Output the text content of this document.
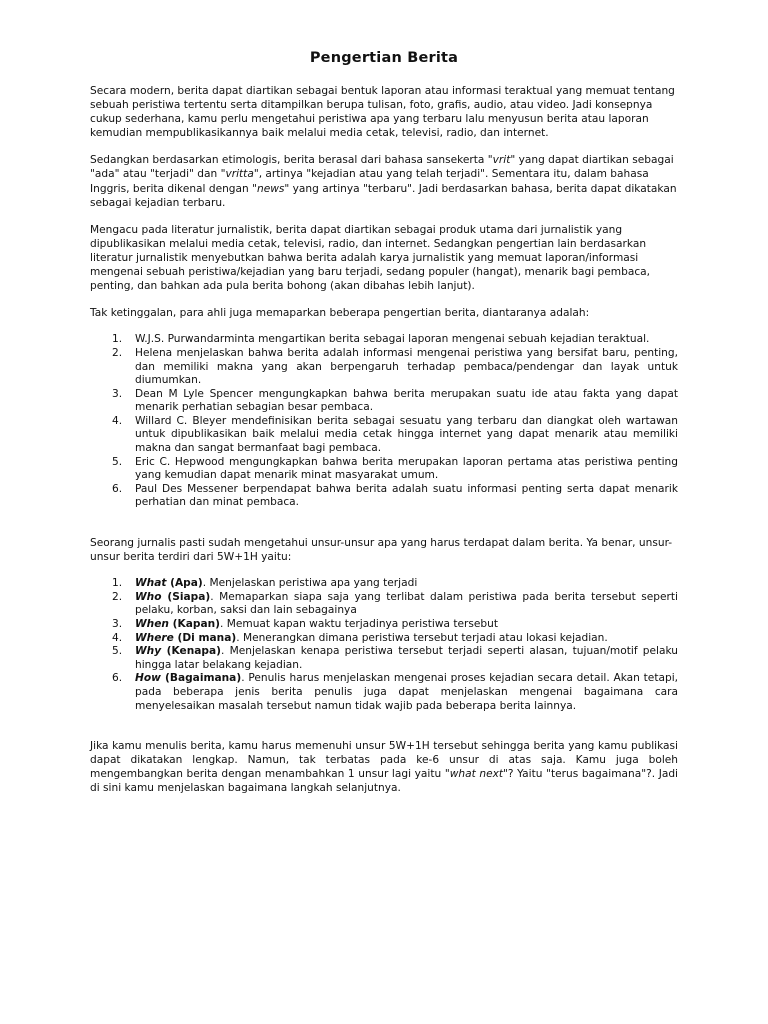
Pengertian Berita

Secara modern, berita dapat diartikan sebagai bentuk laporan atau informasi teraktual yang memuat tentang sebuah peristiwa tertentu serta ditampilkan berupa tulisan, foto, grafis, audio, atau video. Jadi konsepnya cukup sederhana, kamu perlu mengetahui peristiwa apa yang terbaru lalu menyusun berita atau laporan kemudian mempublikasikannya baik melalui media cetak, televisi, radio, dan internet.

Sedangkan berdasarkan etimologis, berita berasal dari bahasa sansekerta "vrit" yang dapat diartikan sebagai "ada" atau "terjadi" dan "vritta", artinya "kejadian atau yang telah terjadi". Sementara itu, dalam bahasa Inggris, berita dikenal dengan "news" yang artinya "terbaru". Jadi berdasarkan bahasa, berita dapat dikatakan sebagai kejadian terbaru.

Mengacu pada literatur jurnalistik, berita dapat diartikan sebagai produk utama dari jurnalistik yang dipublikasikan melalui media cetak, televisi, radio, dan internet. Sedangkan pengertian lain berdasarkan literatur jurnalistik menyebutkan bahwa berita adalah karya jurnalistik yang memuat laporan/informasi mengenai sebuah peristiwa/kejadian yang baru terjadi, sedang populer (hangat), menarik bagi pembaca, penting, dan bahkan ada pula berita bohong (akan dibahas lebih lanjut).

Tak ketinggalan, para ahli juga memaparkan beberapa pengertian berita, diantaranya adalah:

1. W.J.S. Purwandarminta mengartikan berita sebagai laporan mengenai sebuah kejadian teraktual.
2. Helena menjelaskan bahwa berita adalah informasi mengenai peristiwa yang bersifat baru, penting, dan memiliki makna yang akan berpengaruh terhadap pembaca/pendengar dan layak untuk diumumkan.
3. Dean M Lyle Spencer mengungkapkan bahwa berita merupakan suatu ide atau fakta yang dapat menarik perhatian sebagian besar pembaca.
4. Willard C. Bleyer mendefinisikan berita sebagai sesuatu yang terbaru dan diangkat oleh wartawan untuk dipublikasikan baik melalui media cetak hingga internet yang dapat menarik atau memiliki makna dan sangat bermanfaat bagi pembaca.
5. Eric C. Hepwood mengungkapkan bahwa berita merupakan laporan pertama atas peristiwa penting yang kemudian dapat menarik minat masyarakat umum.
6. Paul Des Messener berpendapat bahwa berita adalah suatu informasi penting serta dapat menarik perhatian dan minat pembaca.

Seorang jurnalis pasti sudah mengetahui unsur-unsur apa yang harus terdapat dalam berita. Ya benar, unsur-unsur berita terdiri dari 5W+1H yaitu:

1. What (Apa). Menjelaskan peristiwa apa yang terjadi
2. Who (Siapa). Memaparkan siapa saja yang terlibat dalam peristiwa pada berita tersebut seperti pelaku, korban, saksi dan lain sebagainya
3. When (Kapan). Memuat kapan waktu terjadinya peristiwa tersebut
4. Where (Di mana). Menerangkan dimana peristiwa tersebut terjadi atau lokasi kejadian.
5. Why (Kenapa). Menjelaskan kenapa peristiwa tersebut terjadi seperti alasan, tujuan/motif pelaku hingga latar belakang kejadian.
6. How (Bagaimana). Penulis harus menjelaskan mengenai proses kejadian secara detail. Akan tetapi, pada beberapa jenis berita penulis juga dapat menjelaskan mengenai bagaimana cara menyelesaikan masalah tersebut namun tidak wajib pada beberapa berita lainnya.

Jika kamu menulis berita, kamu harus memenuhi unsur 5W+1H tersebut sehingga berita yang kamu publikasi dapat dikatakan lengkap. Namun, tak terbatas pada ke-6 unsur di atas saja. Kamu juga boleh mengembangkan berita dengan menambahkan 1 unsur lagi yaitu "what next"? Yaitu "terus bagaimana"?. Jadi di sini kamu menjelaskan bagaimana langkah selanjutnya.
